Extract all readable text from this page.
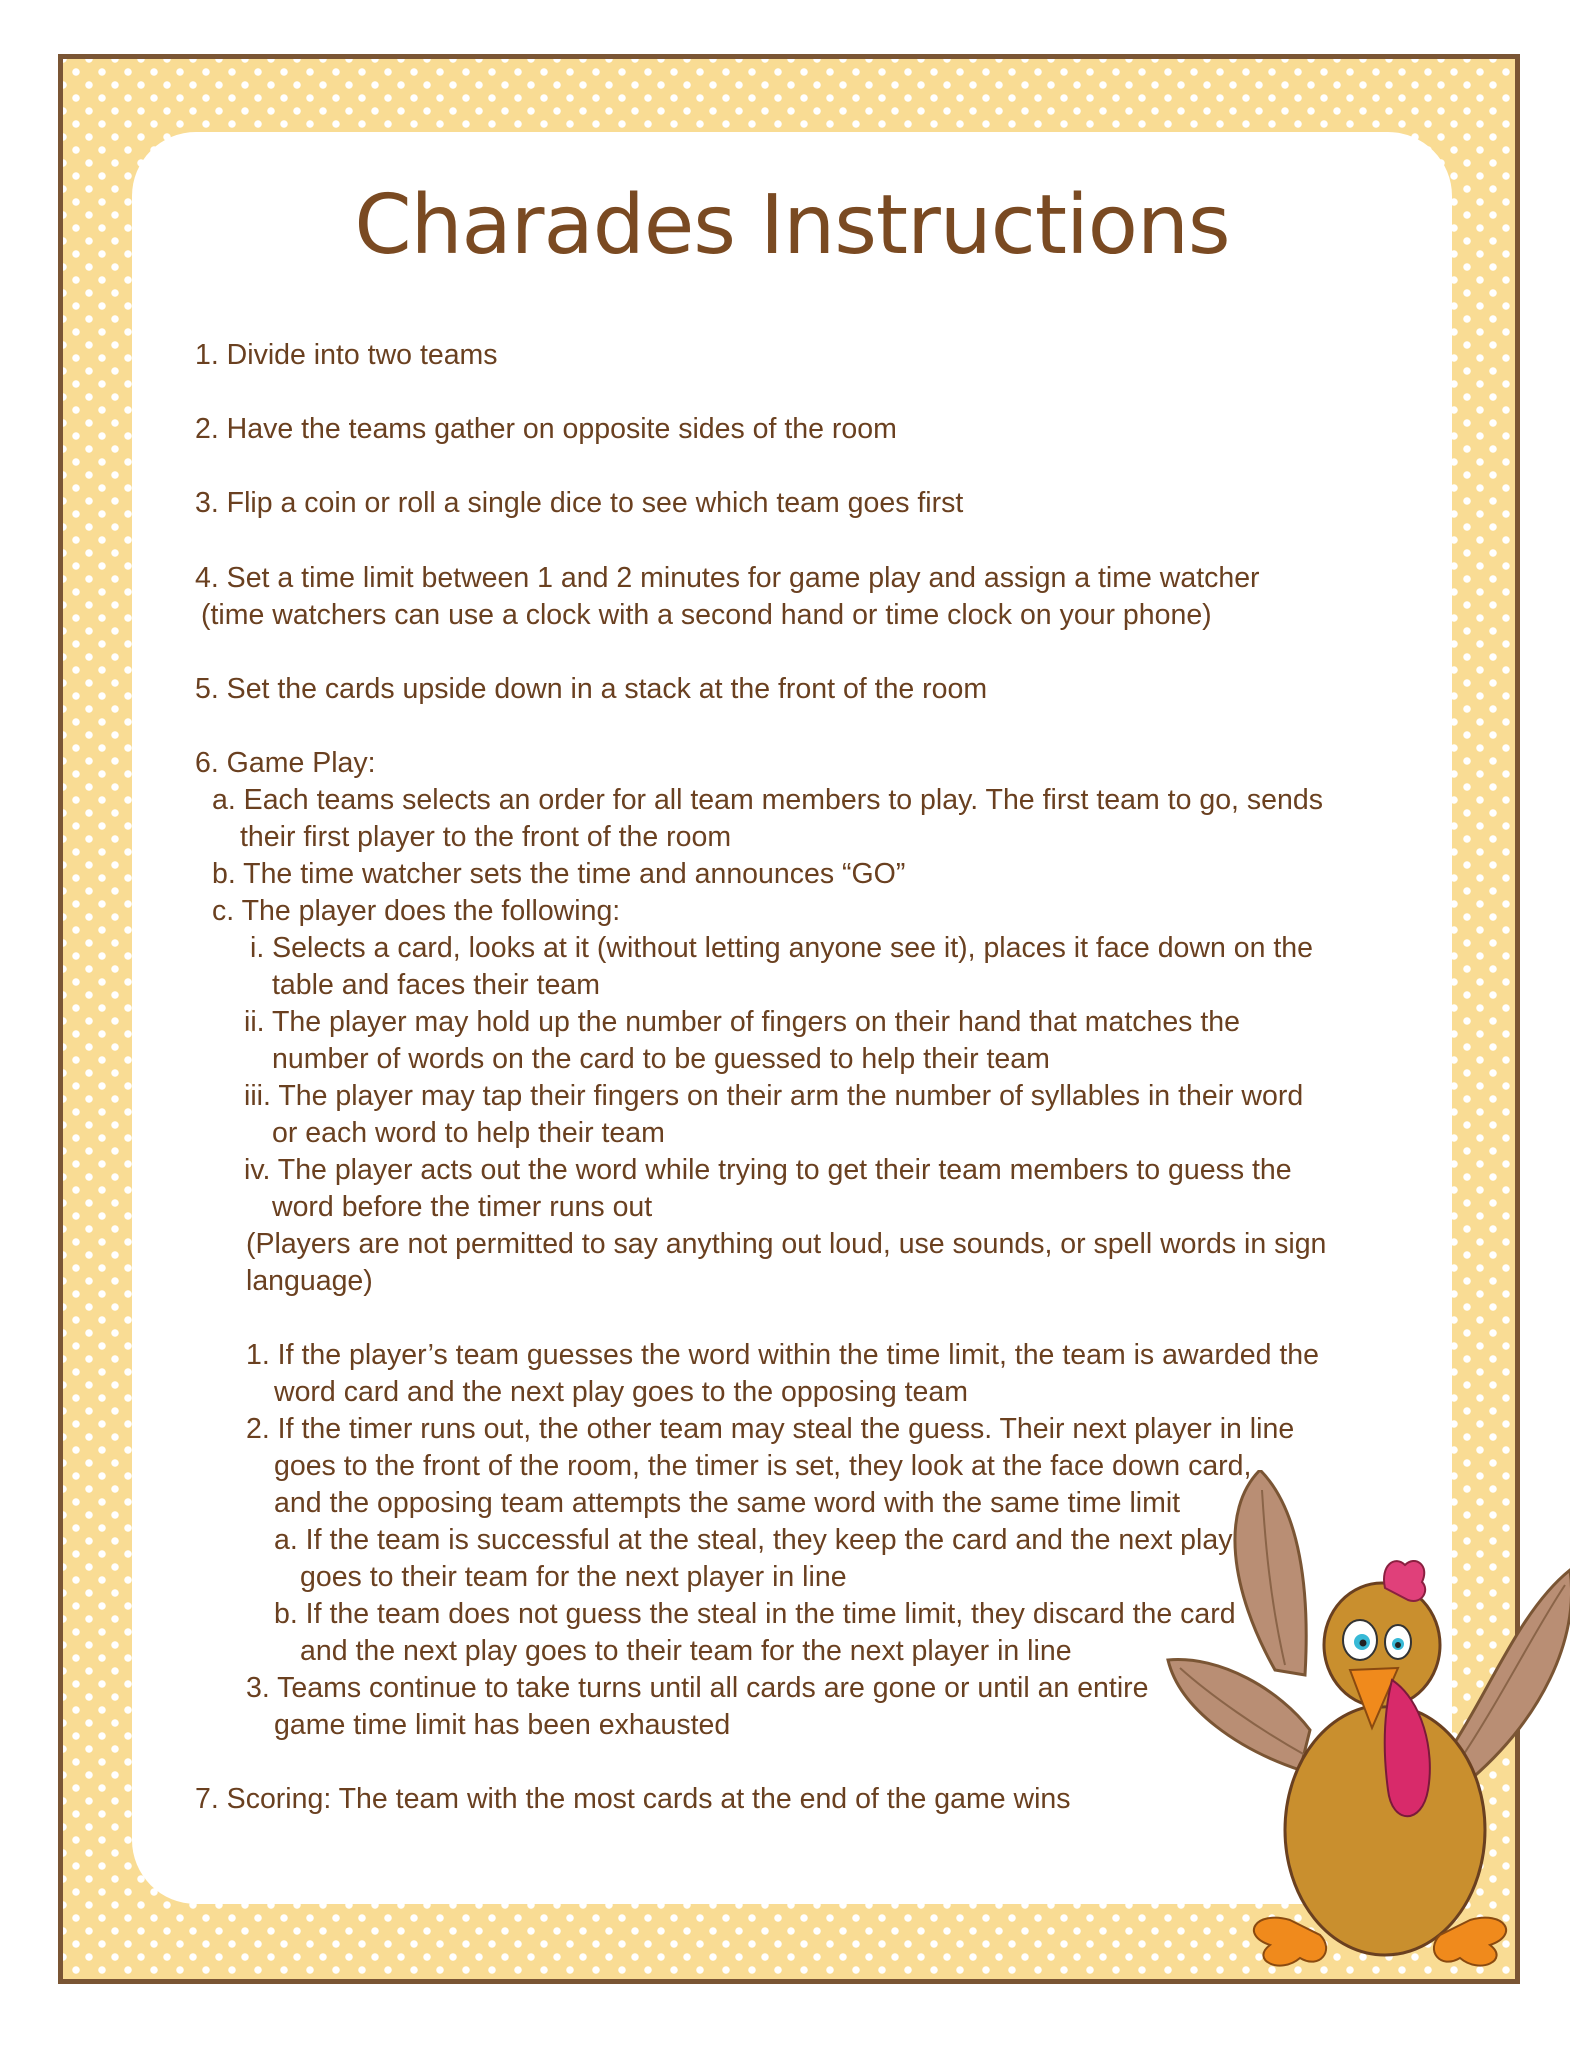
Charades Instructions

1. Divide into two teams

2. Have the teams gather on opposite sides of the room

3. Flip a coin or roll a single dice to see which team goes first

4. Set a time limit between 1 and 2 minutes for game play and assign a time watcher

(time watchers can use a clock with a second hand or time clock on your phone)

5. Set the cards upside down in a stack at the front of the room

6. Game Play:

a. Each teams selects an order for all team members to play. The first team to go, sends

their first player to the front of the room

b. The time watcher sets the time and announces “GO”

c. The player does the following:

i. Selects a card, looks at it (without letting anyone see it), places it face down on the

table and faces their team

ii. The player may hold up the number of fingers on their hand that matches the

number of words on the card to be guessed to help their team

iii. The player may tap their fingers on their arm the number of syllables in their word

or each word to help their team

iv. The player acts out the word while trying to get their team members to guess the

word before the timer runs out

(Players are not permitted to say anything out loud, use sounds, or spell words in sign

language)

1. If the player’s team guesses the word within the time limit, the team is awarded the

word card and the next play goes to the opposing team

2. If the timer runs out, the other team may steal the guess. Their next player in line

goes to the front of the room, the timer is set, they look at the face down card,

and the opposing team attempts the same word with the same time limit

a. If the team is successful at the steal, they keep the card and the next play

goes to their team for the next player in line

b. If the team does not guess the steal in the time limit, they discard the card

and the next play goes to their team for the next player in line

3. Teams continue to take turns until all cards are gone or until an entire

game time limit has been exhausted

7. Scoring: The team with the most cards at the end of the game wins
